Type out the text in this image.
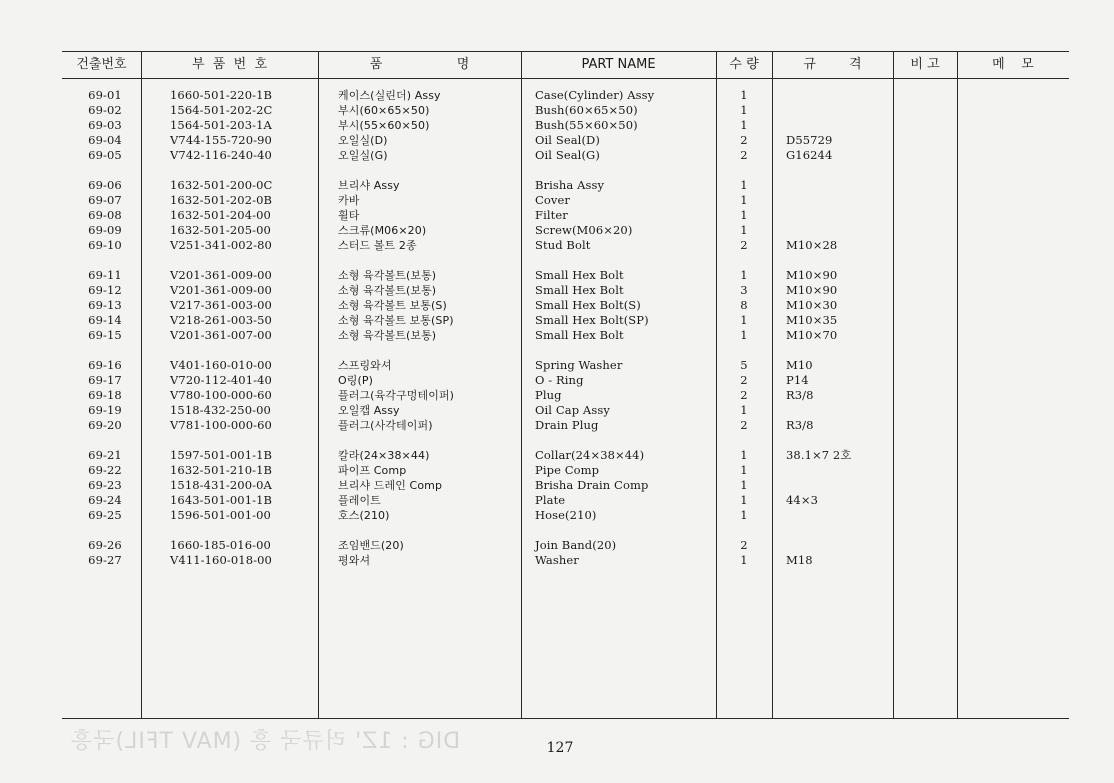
건출번호	부  품  번  호	품                  명	PART NAME	수 량	규        격	비 고	메    모
69-01	1660-501-220-1B	케이스(실린더) Assy	Case(Cylinder) Assy	1
69-02	1564-501-202-2C	부시(60×65×50)	Bush(60×65×50)	1
69-03	1564-501-203-1A	부시(55×60×50)	Bush(55×60×50)	1
69-04	V744-155-720-90	오일실(D)	Oil Seal(D)	2	D55729
69-05	V742-116-240-40	오일실(G)	Oil Seal(G)	2	G16244
69-06	1632-501-200-0C	브리샤 Assy	Brisha Assy	1
69-07	1632-501-202-0B	카바	Cover	1
69-08	1632-501-204-00	휠타	Filter	1
69-09	1632-501-205-00	스크류(M06×20)	Screw(M06×20)	1
69-10	V251-341-002-80	스터드 볼트 2종	Stud Bolt	2	M10×28
69-11	V201-361-009-00	소형 육각볼트(보통)	Small Hex Bolt	1	M10×90
69-12	V201-361-009-00	소형 육각볼트(보통)	Small Hex Bolt	3	M10×90
69-13	V217-361-003-00	소형 육각볼트 보통(S)	Small Hex Bolt(S)	8	M10×30
69-14	V218-261-003-50	소형 육각볼트 보통(SP)	Small Hex Bolt(SP)	1	M10×35
69-15	V201-361-007-00	소형 육각볼트(보통)	Small Hex Bolt	1	M10×70
69-16	V401-160-010-00	스프링와셔	Spring Washer	5	M10
69-17	V720-112-401-40	O링(P)	O - Ring	2	P14
69-18	V780-100-000-60	플러그(육각구멍테이퍼)	Plug	2	R3/8
69-19	1518-432-250-00	오일캡 Assy	Oil Cap Assy	1
69-20	V781-100-000-60	플러그(사각테이퍼)	Drain Plug	2	R3/8
69-21	1597-501-001-1B	칼라(24×38×44)	Collar(24×38×44)	1	38.1×7 2호
69-22	1632-501-210-1B	파이프 Comp	Pipe Comp	1
69-23	1518-431-200-0A	브리샤 드레인 Comp	Brisha Drain Comp	1
69-24	1643-501-001-1B	플레이트	Plate	1	44×3
69-25	1596-501-001-00	호스(210)	Hose(210)	1
69-26	1660-185-016-00	조임밴드(20)	Join Band(20)	2
69-27	V411-160-018-00	평와셔	Washer	1	M18
DIG : 1Z' 러큐국 흥 (MAV TFIL)국흥	127
